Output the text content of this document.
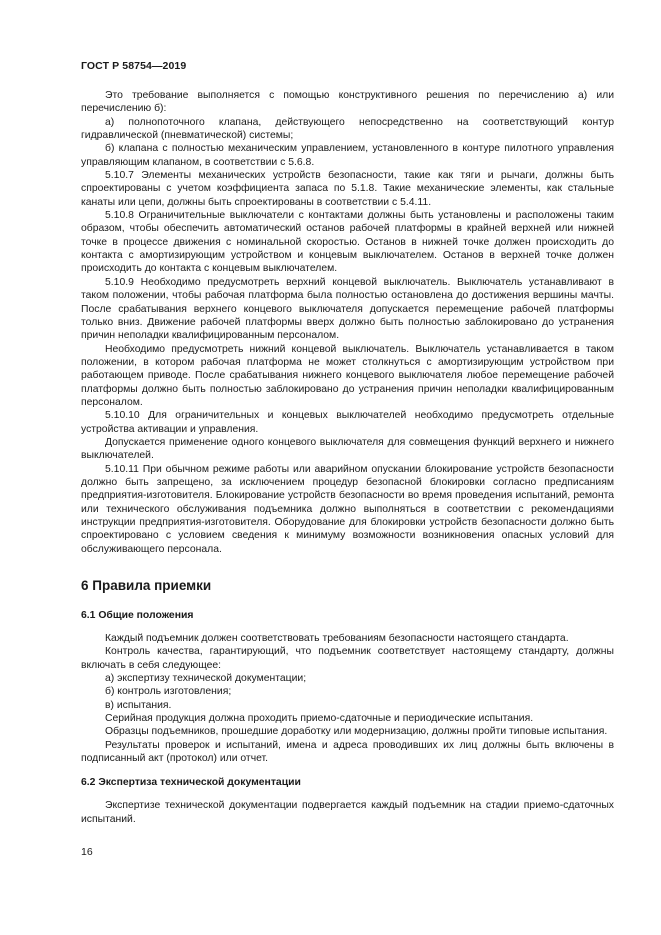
ГОСТ Р 58754—2019

Это требование выполняется с помощью конструктивного решения по перечислению а) или перечислению б):

а) полнопоточного клапана, действующего непосредственно на соответствующий контур гидравлической (пневматической) системы;

б) клапана с полностью механическим управлением, установленного в контуре пилотного управления управляющим клапаном, в соответствии с 5.6.8.

5.10.7 Элементы механических устройств безопасности, такие как тяги и рычаги, должны быть спроектированы с учетом коэффициента запаса по 5.1.8. Такие механические элементы, как стальные канаты или цепи, должны быть спроектированы в соответствии с 5.4.11.

5.10.8 Ограничительные выключатели с контактами должны быть установлены и расположены таким образом, чтобы обеспечить автоматический останов рабочей платформы в крайней верхней или нижней точке в процессе движения с номинальной скоростью. Останов в нижней точке должен происходить до контакта с амортизирующим устройством и концевым выключателем. Останов в верхней точке должен происходить до контакта с концевым выключателем.

5.10.9 Необходимо предусмотреть верхний концевой выключатель. Выключатель устанавливают в таком положении, чтобы рабочая платформа была полностью остановлена до достижения вершины мачты. После срабатывания верхнего концевого выключателя допускается перемещение рабочей платформы только вниз. Движение рабочей платформы вверх должно быть полностью заблокировано до устранения причин неполадки квалифицированным персоналом.

Необходимо предусмотреть нижний концевой выключатель. Выключатель устанавливается в таком положении, в котором рабочая платформа не может столкнуться с амортизирующим устройством при работающем приводе. После срабатывания нижнего концевого выключателя любое перемещение рабочей платформы должно быть полностью заблокировано до устранения причин неполадки квалифицированным персоналом.

5.10.10 Для ограничительных и концевых выключателей необходимо предусмотреть отдельные устройства активации и управления.

Допускается применение одного концевого выключателя для совмещения функций верхнего и нижнего выключателей.

5.10.11 При обычном режиме работы или аварийном опускании блокирование устройств безопасности должно быть запрещено, за исключением процедур безопасной блокировки согласно предписаниям предприятия-изготовителя. Блокирование устройств безопасности во время проведения испытаний, ремонта или технического обслуживания подъемника должно выполняться в соответствии с рекомендациями инструкции предприятия-изготовителя. Оборудование для блокировки устройств безопасности должно быть спроектировано с условием сведения к минимуму возможности возникновения опасных условий для обслуживающего персонала.

6 Правила приемки
6.1 Общие положения

Каждый подъемник должен соответствовать требованиям безопасности настоящего стандарта.

Контроль качества, гарантирующий, что подъемник соответствует настоящему стандарту, должны включать в себя следующее:

а) экспертизу технической документации;

б) контроль изготовления;

в) испытания.

Серийная продукция должна проходить приемо-сдаточные и периодические испытания.

Образцы подъемников, прошедшие доработку или модернизацию, должны пройти типовые испытания.

Результаты проверок и испытаний, имена и адреса проводивших их лиц должны быть включены в подписанный акт (протокол) или отчет.

6.2 Экспертиза технической документации

Экспертизе технической документации подвергается каждый подъемник на стадии приемо-сдаточных испытаний.

16
